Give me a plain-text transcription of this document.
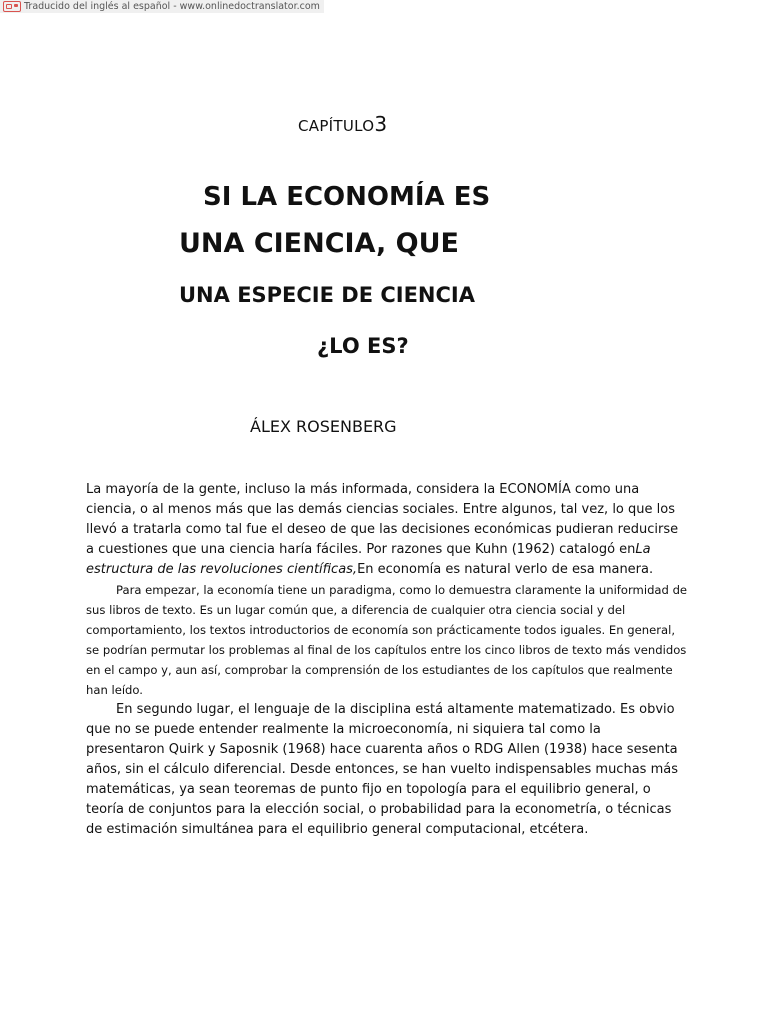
Traducido del inglés al español - www.onlinedoctranslator.com
CAPÍTULO3
SI LA ECONOMÍA ES
UNA CIENCIA, QUE
UNA ESPECIE DE CIENCIA
¿LO ES?
ÁLEX ROSENBERG
La mayoría de la gente, incluso la más informada, considera la ECONOMÍA como una
ciencia, o al menos más que las demás ciencias sociales. Entre algunos, tal vez, lo que los
llevó a tratarla como tal fue el deseo de que las decisiones económicas pudieran reducirse
a cuestiones que una ciencia haría fáciles. Por razones que Kuhn (1962) catalogó enLa
estructura de las revoluciones científicas,En economía es natural verlo de esa manera.
Para empezar, la economía tiene un paradigma, como lo demuestra claramente la uniformidad de
sus libros de texto. Es un lugar común que, a diferencia de cualquier otra ciencia social y del
comportamiento, los textos introductorios de economía son prácticamente todos iguales. En general,
se podrían permutar los problemas al final de los capítulos entre los cinco libros de texto más vendidos
en el campo y, aun así, comprobar la comprensión de los estudiantes de los capítulos que realmente
han leído.
En segundo lugar, el lenguaje de la disciplina está altamente matematizado. Es obvio
que no se puede entender realmente la microeconomía, ni siquiera tal como la
presentaron Quirk y Saposnik (1968) hace cuarenta años o RDG Allen (1938) hace sesenta
años, sin el cálculo diferencial. Desde entonces, se han vuelto indispensables muchas más
matemáticas, ya sean teoremas de punto fijo en topología para el equilibrio general, o
teoría de conjuntos para la elección social, o probabilidad para la econometría, o técnicas
de estimación simultánea para el equilibrio general computacional, etcétera.
